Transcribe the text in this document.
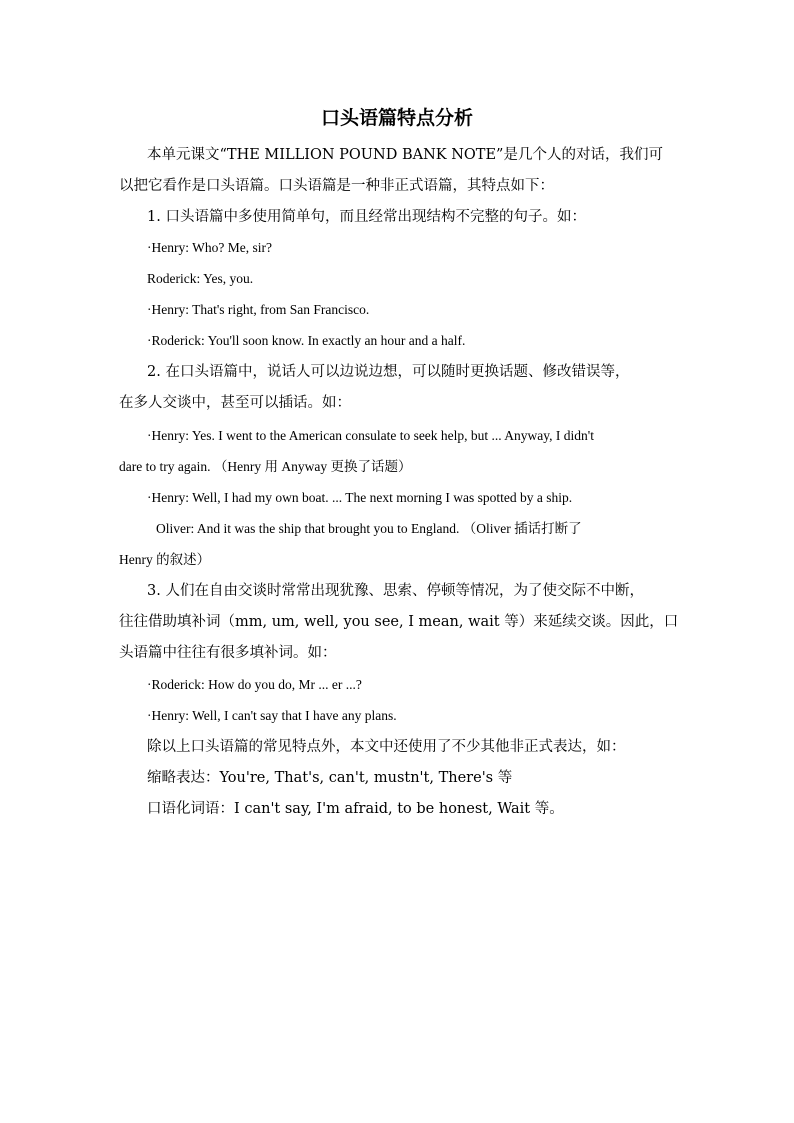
口头语篇特点分析
本单元课文“THE MILLION POUND BANK NOTE”是几个人的对话，我们可
以把它看作是口头语篇。口头语篇是一种非正式语篇，其特点如下：
1. 口头语篇中多使用简单句，而且经常出现结构不完整的句子。如：
·Henry: Who? Me, sir?
Roderick: Yes, you.
·Henry: That's right, from San Francisco.
·Roderick: You'll soon know. In exactly an hour and a half.
2. 在口头语篇中，说话人可以边说边想，可以随时更换话题、修改错误等，
在多人交谈中，甚至可以插话。如：
·Henry: Yes. I went to the American consulate to seek help, but ... Anyway, I didn't
dare to try again. （Henry 用 Anyway 更换了话题）
·Henry: Well, I had my own boat. ... The next morning I was spotted by a ship.
Oliver: And it was the ship that brought you to England. （Oliver 插话打断了
Henry 的叙述）
3. 人们在自由交谈时常常出现犹豫、思索、停顿等情况，为了使交际不中断，
往往借助填补词（mm, um, well, you see, I mean, wait 等）来延续交谈。因此，口
头语篇中往往有很多填补词。如：
·Roderick: How do you do, Mr ... er ...?
·Henry: Well, I can't say that I have any plans.
除以上口头语篇的常见特点外，本文中还使用了不少其他非正式表达，如：
缩略表达：You're, That's, can't, mustn't, There's 等
口语化词语：I can't say, I'm afraid, to be honest, Wait 等。
